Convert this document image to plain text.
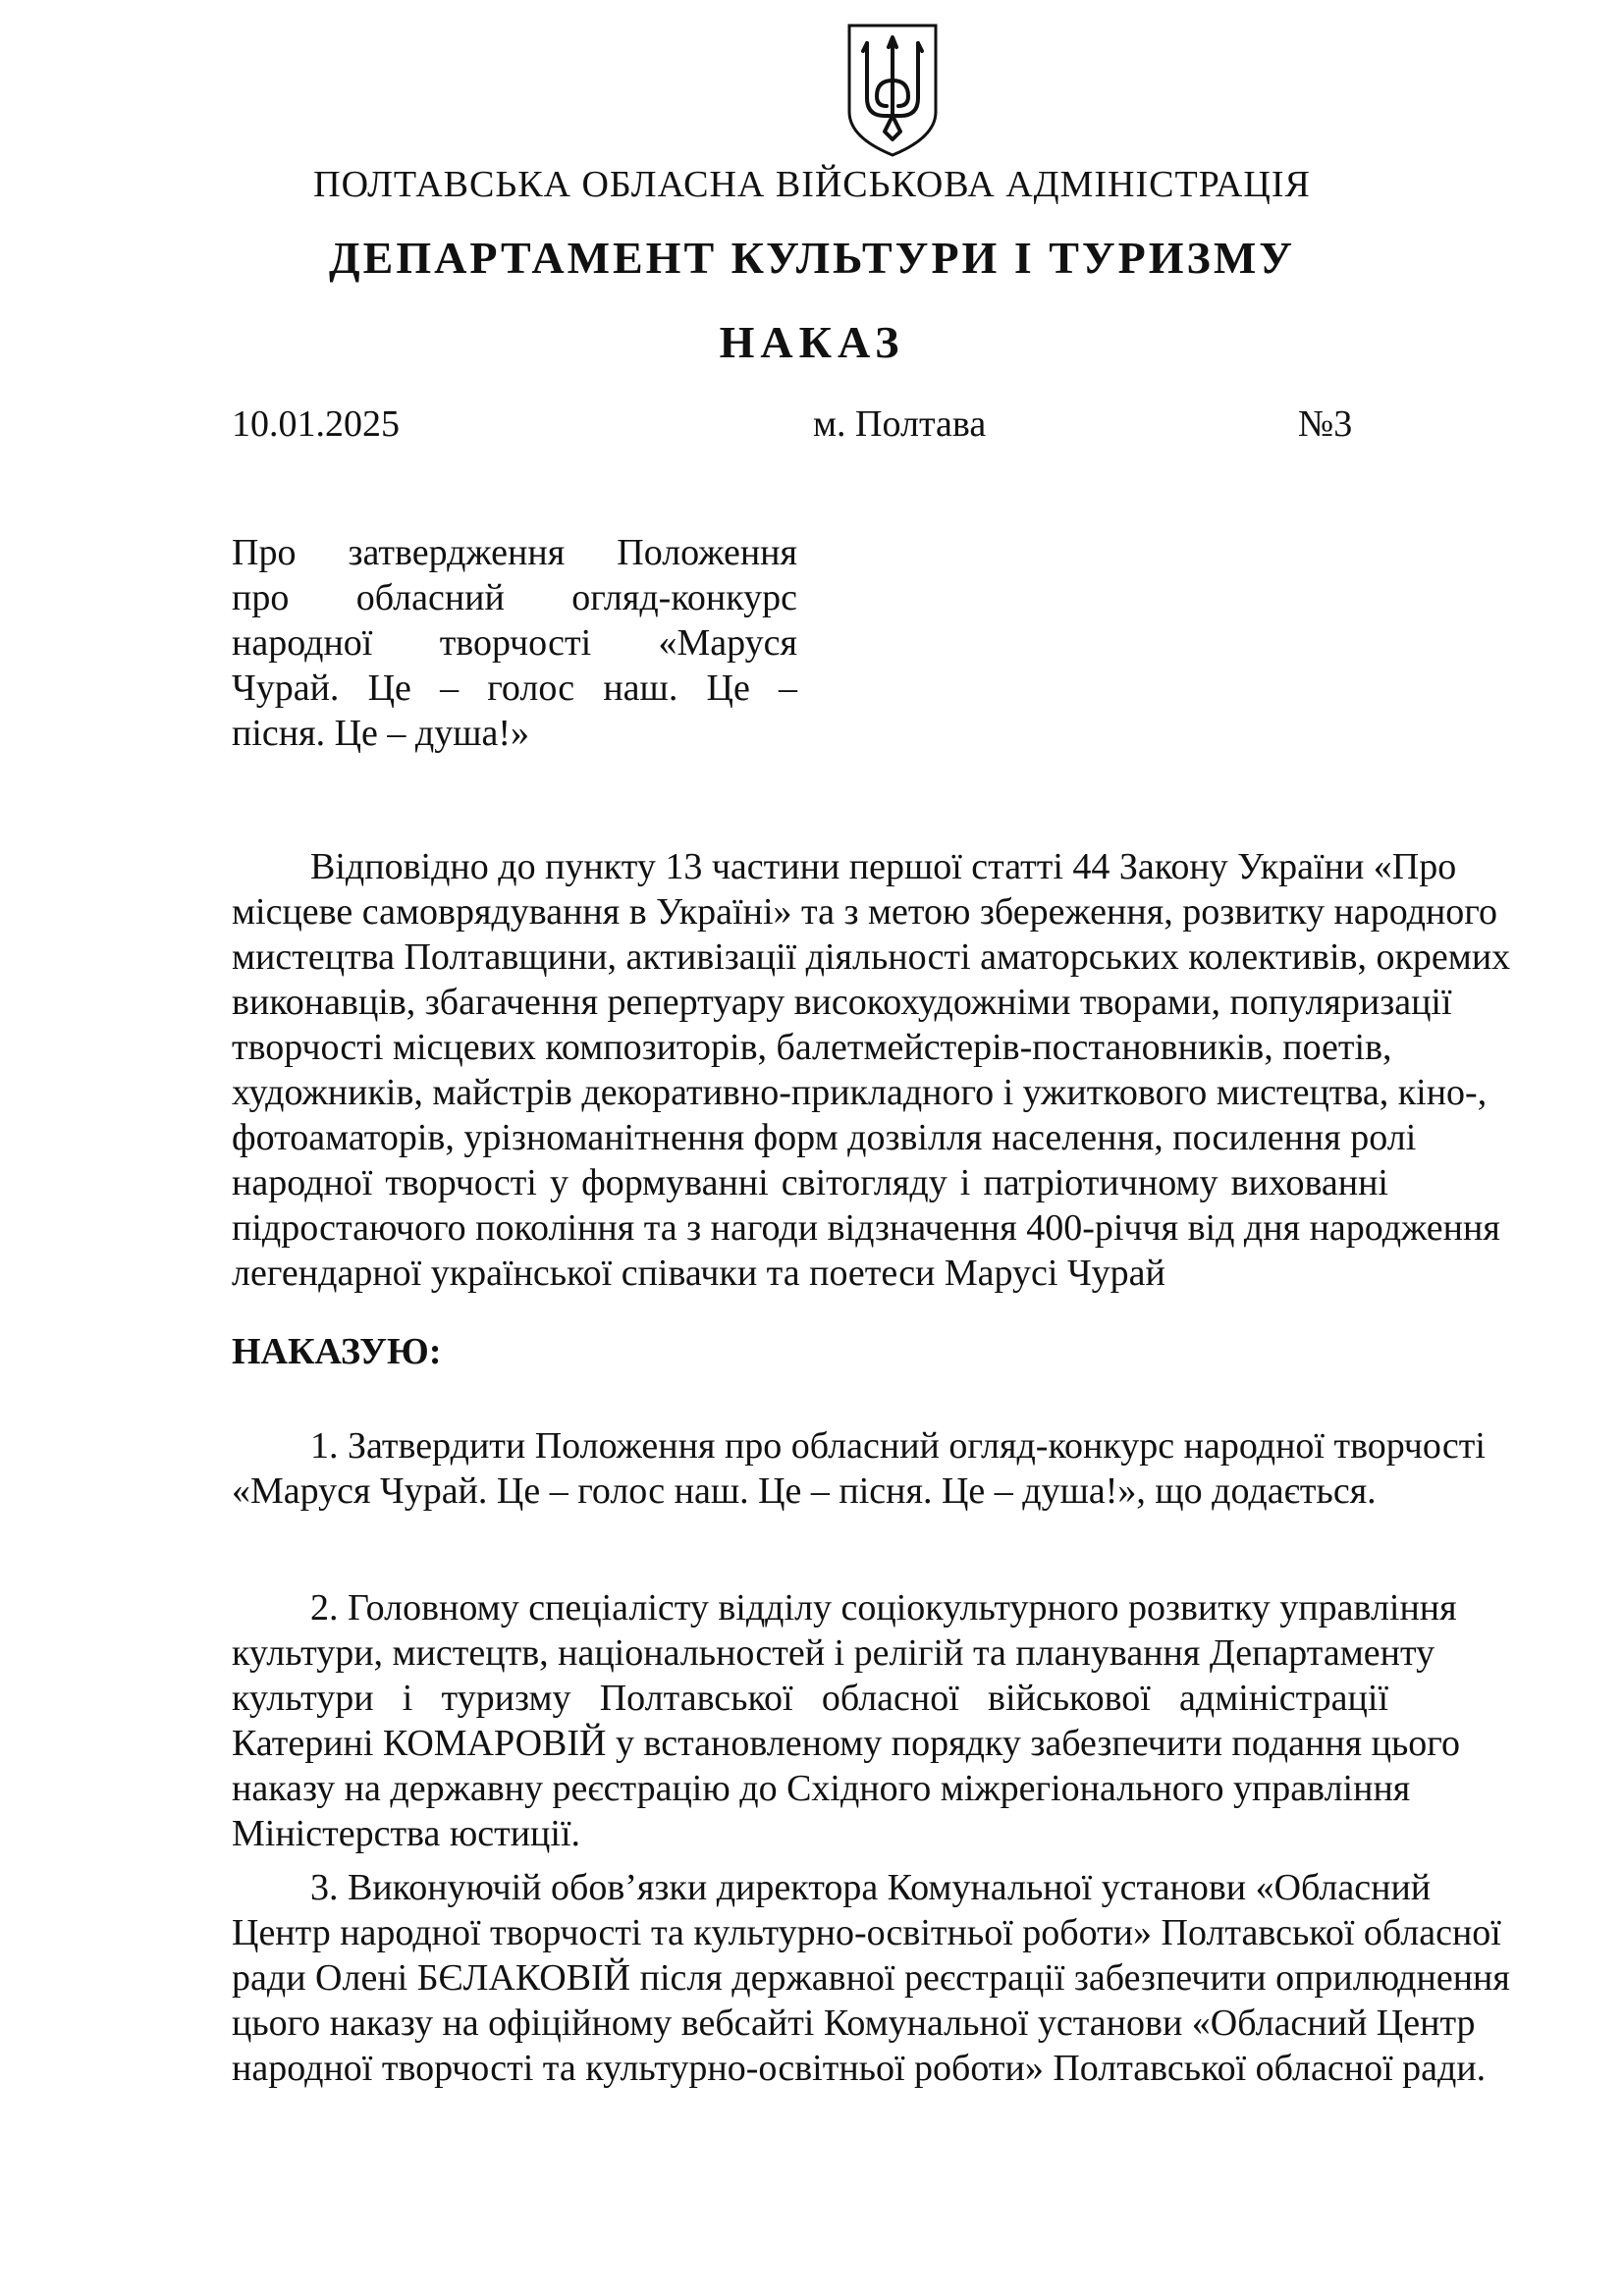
ПОЛТАВСЬКА ОБЛАСНА ВІЙСЬКОВА АДМІНІСТРАЦІЯ
ДЕПАРТАМЕНТ КУЛЬТУРИ І ТУРИЗМУ
НАКАЗ
10.01.2025	м. Полтава	№3
Про затвердження Положення
про обласний огляд-конкурс
народної творчості «Маруся
Чурай. Це – голос наш. Це –
пісня. Це – душа!»
Відповідно до пункту 13 частини першої статті 44 Закону України «Про
місцеве самоврядування в Україні» та з метою збереження, розвитку народного
мистецтва Полтавщини, активізації діяльності аматорських колективів, окремих
виконавців, збагачення репертуару високохудожніми творами, популяризації
творчості місцевих композиторів, балетмейстерів-постановників, поетів,
художників, майстрів декоративно-прикладного і ужиткового мистецтва, кіно-,
фотоаматорів, урізноманітнення форм дозвілля населення, посилення ролі
народної творчості у формуванні світогляду і патріотичному вихованні
підростаючого покоління та з нагоди відзначення 400-річчя від дня народження
легендарної української співачки та поетеси Марусі Чурай
НАКАЗУЮ:
1. Затвердити Положення про обласний огляд-конкурс народної творчості
«Маруся Чурай. Це – голос наш. Це – пісня. Це – душа!», що додається.
2. Головному спеціалісту відділу соціокультурного розвитку управління
культури, мистецтв, національностей і релігій та планування Департаменту
культури і туризму Полтавської обласної військової адміністрації
Катерині КОМАРОВІЙ у встановленому порядку забезпечити подання цього
наказу на державну реєстрацію до Східного міжрегіонального управління
Міністерства юстиції.
3. Виконуючій обов’язки директора Комунальної установи «Обласний
Центр народної творчості та культурно-освітньої роботи» Полтавської обласної
ради Олені БЄЛАКОВІЙ після державної реєстрації забезпечити оприлюднення
цього наказу на офіційному вебсайті Комунальної установи «Обласний Центр
народної творчості та культурно-освітньої роботи» Полтавської обласної ради.
